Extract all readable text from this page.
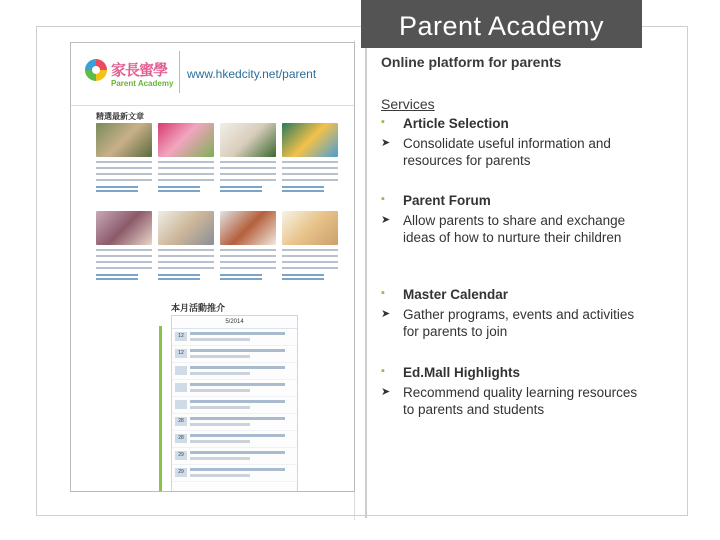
Parent Academy
家長蜜學
Parent Academy
www.hkedcity.net/parent
精選最新文章
本月活動推介
5/2014
12
12
28
28
29
29
Online platform for parents
Services
▪ Article Selection
➤ Consolidate useful information and resources for parents
▪ Parent Forum
➤ Allow parents to share and exchange ideas of how to nurture their children
▪ Master Calendar
➤ Gather programs, events and activities for parents to join
▪ Ed.Mall Highlights
➤ Recommend quality learning resources to parents and students
